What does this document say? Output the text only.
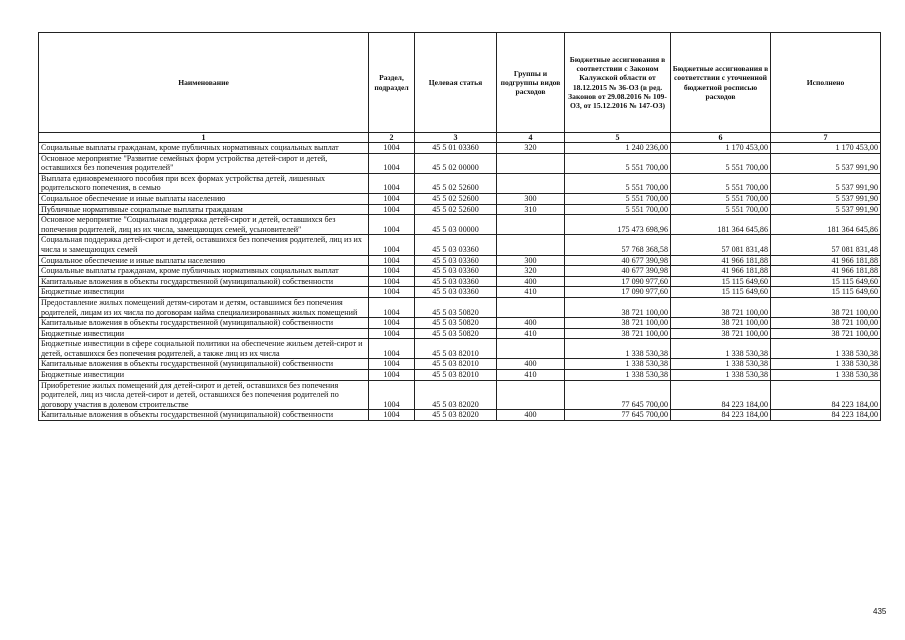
Наименование	Раздел, подраздел	Целевая статья	Группы и подгруппы видов расходов	Бюджетные ассигнования в соответствии с Законом Калужской области от 18.12.2015 № 36-ОЗ (в ред. Законов от 29.08.2016 № 109-ОЗ, от 15.12.2016 № 147-ОЗ)	Бюджетные ассигнования в соответствии с уточненной бюджетной росписью расходов	Исполнено
1	2	3	4	5	6	7
Социальные выплаты гражданам, кроме публичных нормативных социальных выплат	1004	45 5 01 03360	320	1 240 236,00	1 170 453,00	1 170 453,00
Основное мероприятие "Развитие семейных форм устройства детей-сирот и детей, оставшихся без попечения родителей"	1004	45 5 02 00000		5 551 700,00	5 551 700,00	5 537 991,90
Выплата единовременного пособия при всех формах устройства детей, лишенных родительского попечения, в семью	1004	45 5 02 52600		5 551 700,00	5 551 700,00	5 537 991,90
Социальное обеспечение и иные выплаты населению	1004	45 5 02 52600	300	5 551 700,00	5 551 700,00	5 537 991,90
Публичные нормативные социальные выплаты гражданам	1004	45 5 02 52600	310	5 551 700,00	5 551 700,00	5 537 991,90
Основное мероприятие "Социальная поддержка детей-сирот и детей, оставшихся без попечения родителей, лиц из их числа, замещающих семей, усыновителей"	1004	45 5 03 00000		175 473 698,96	181 364 645,86	181 364 645,86
Социальная поддержка детей-сирот и детей, оставшихся без попечения родителей, лиц из их числа и замещающих семей	1004	45 5 03 03360		57 768 368,58	57 081 831,48	57 081 831,48
Социальное обеспечение и иные выплаты населению	1004	45 5 03 03360	300	40 677 390,98	41 966 181,88	41 966 181,88
Социальные выплаты гражданам, кроме публичных нормативных социальных выплат	1004	45 5 03 03360	320	40 677 390,98	41 966 181,88	41 966 181,88
Капитальные вложения в объекты государственной (муниципальной) собственности	1004	45 5 03 03360	400	17 090 977,60	15 115 649,60	15 115 649,60
Бюджетные инвестиции	1004	45 5 03 03360	410	17 090 977,60	15 115 649,60	15 115 649,60
Предоставление жилых помещений детям-сиротам и детям, оставшимся без попечения родителей, лицам из их числа по договорам найма специализированных жилых помещений	1004	45 5 03 50820		38 721 100,00	38 721 100,00	38 721 100,00
Капитальные вложения в объекты государственной (муниципальной) собственности	1004	45 5 03 50820	400	38 721 100,00	38 721 100,00	38 721 100,00
Бюджетные инвестиции	1004	45 5 03 50820	410	38 721 100,00	38 721 100,00	38 721 100,00
Бюджетные инвестиции в сфере социальной политики на обеспечение жильем детей-сирот и детей, оставшихся без попечения родителей, а также лиц из их числа	1004	45 5 03 82010		1 338 530,38	1 338 530,38	1 338 530,38
Капитальные вложения в объекты государственной (муниципальной) собственности	1004	45 5 03 82010	400	1 338 530,38	1 338 530,38	1 338 530,38
Бюджетные инвестиции	1004	45 5 03 82010	410	1 338 530,38	1 338 530,38	1 338 530,38
Приобретение жилых помещений для детей-сирот и детей, оставшихся без попечения родителей, лиц из числа детей-сирот и детей, оставшихся без попечения родителей по договору участия в долевом строительстве	1004	45 5 03 82020		77 645 700,00	84 223 184,00	84 223 184,00
Капитальные вложения в объекты государственной (муниципальной) собственности	1004	45 5 03 82020	400	77 645 700,00	84 223 184,00	84 223 184,00
435
